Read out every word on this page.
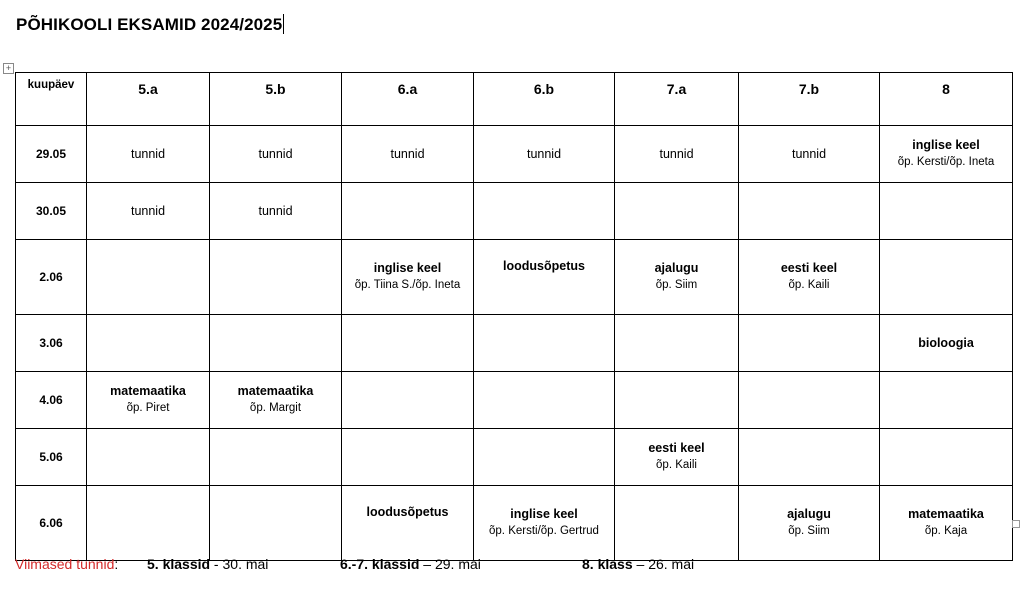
PÕHIKOOLI EKSAMID 2024/2025
+
kuupäev	5.a	5.b	6.a	6.b	7.a	7.b	8
29.05	tunnid	tunnid	tunnid	tunnid	tunnid	tunnid	inglise keel
õp. Kersti/õp. Ineta

30.05	tunnid	tunnid					

2.06			inglise keel
õp. Tiina S./õp. Ineta	loodusõpetus	ajalugu
õp. Siim	eesti keel
õp. Kaili	

3.06							bioloogia

4.06	matemaatika
õp. Piret	matemaatika
õp. Margit					

5.06					eesti keel
õp. Kaili		

6.06			loodusõpetus	inglise keel
õp. Kersti/õp. Gertrud		ajalugu
õp. Siim	matemaatika
õp. Kaja
Viimased tunnid: 5. klassid - 30. mai	6.-7. klassid – 29. mai	8. klass – 26. mai
